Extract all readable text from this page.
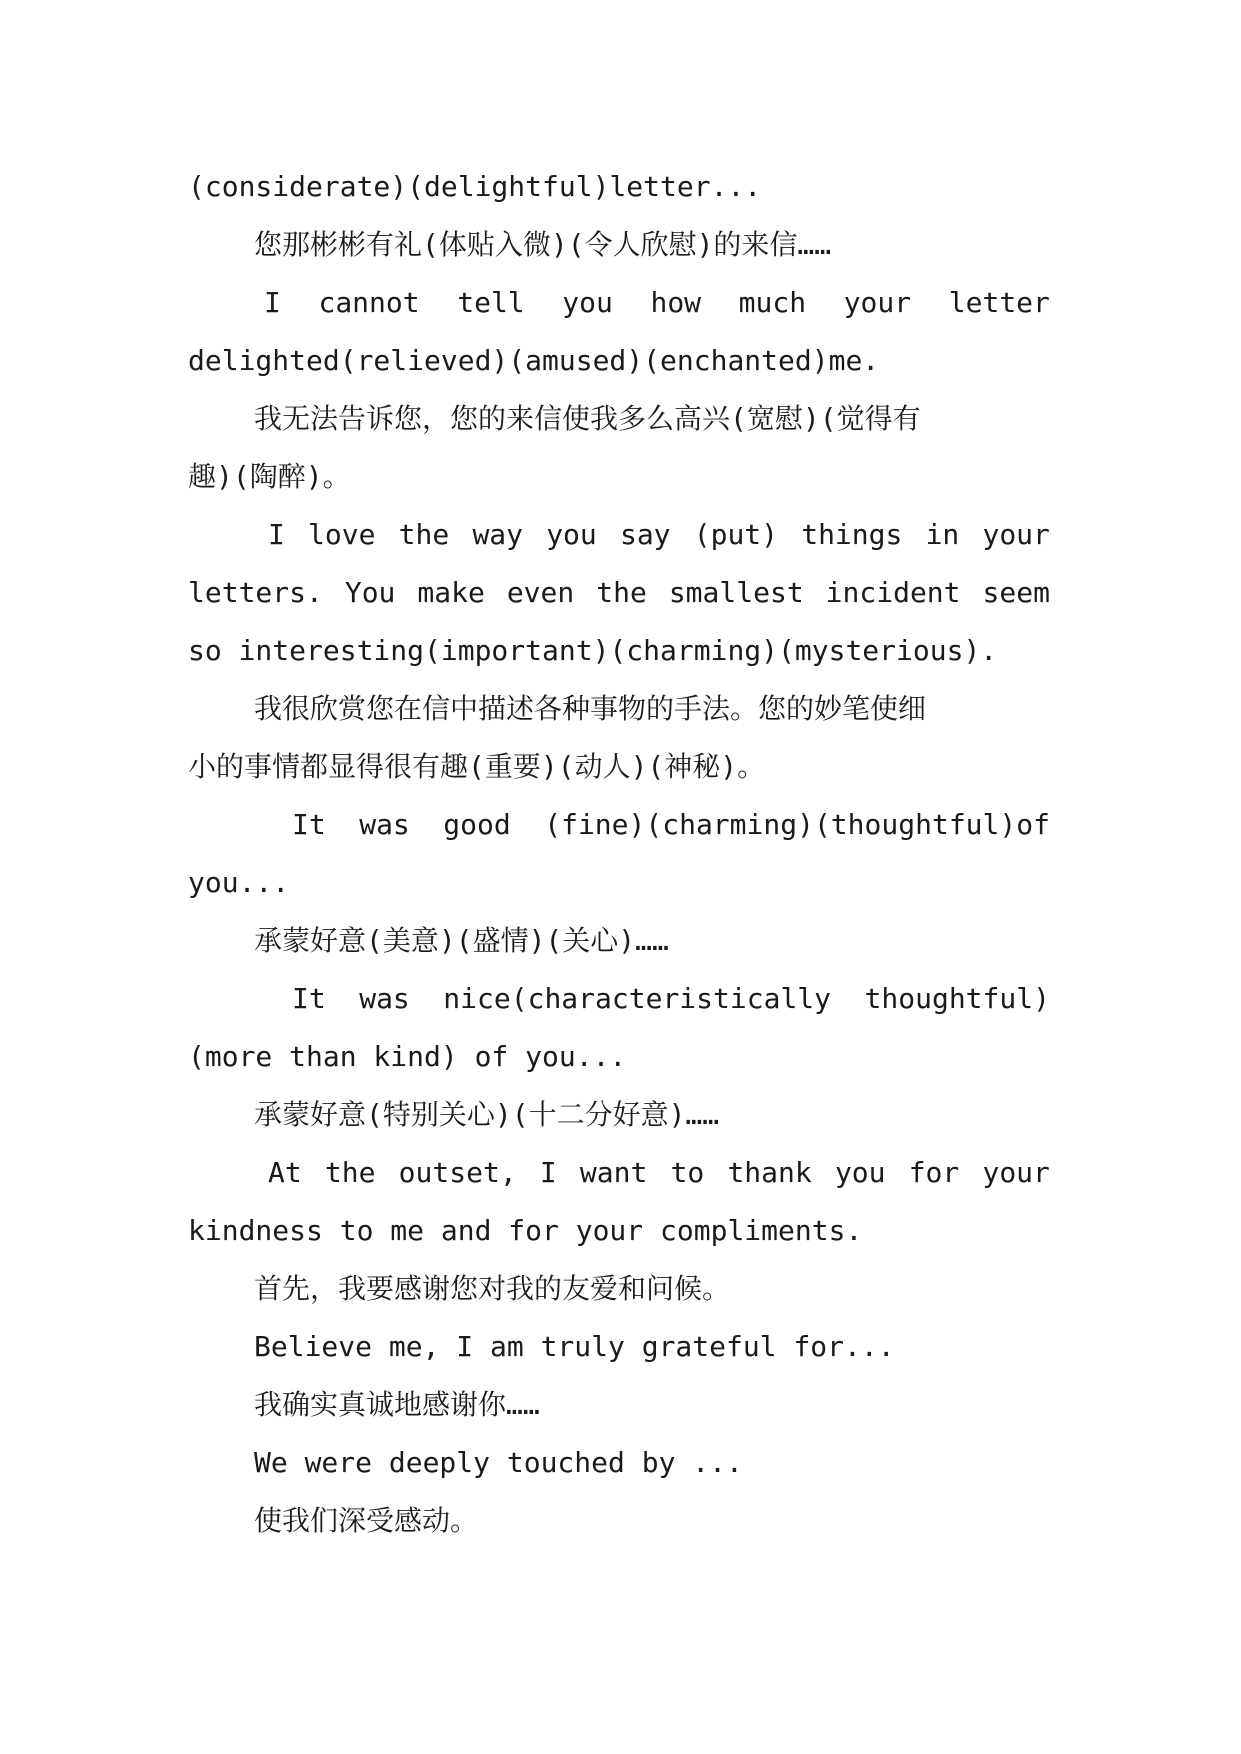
(considerate)(delightful)letter...
您那彬彬有礼(体贴入微)(令人欣慰)的来信……
I cannot tell you how much your letter
delighted(relieved)(amused)(enchanted)me.
我无法告诉您，您的来信使我多么高兴(宽慰)(觉得有
趣)(陶醉)。
I love the way you say (put) things in your
letters. You make even the smallest incident seem
so interesting(important)(charming)(mysterious).
我很欣赏您在信中描述各种事物的手法。您的妙笔使细
小的事情都显得很有趣(重要)(动人)(神秘)。
It was good (fine)(charming)(thoughtful)of
you...
承蒙好意(美意)(盛情)(关心)……
It was nice(characteristically thoughtful)
(more than kind) of you...
承蒙好意(特别关心)(十二分好意)……
At the outset, I want to thank you for your
kindness to me and for your compliments.
首先，我要感谢您对我的友爱和问候。
Believe me, I am truly grateful for...
我确实真诚地感谢你……
We were deeply touched by ...
使我们深受感动。
